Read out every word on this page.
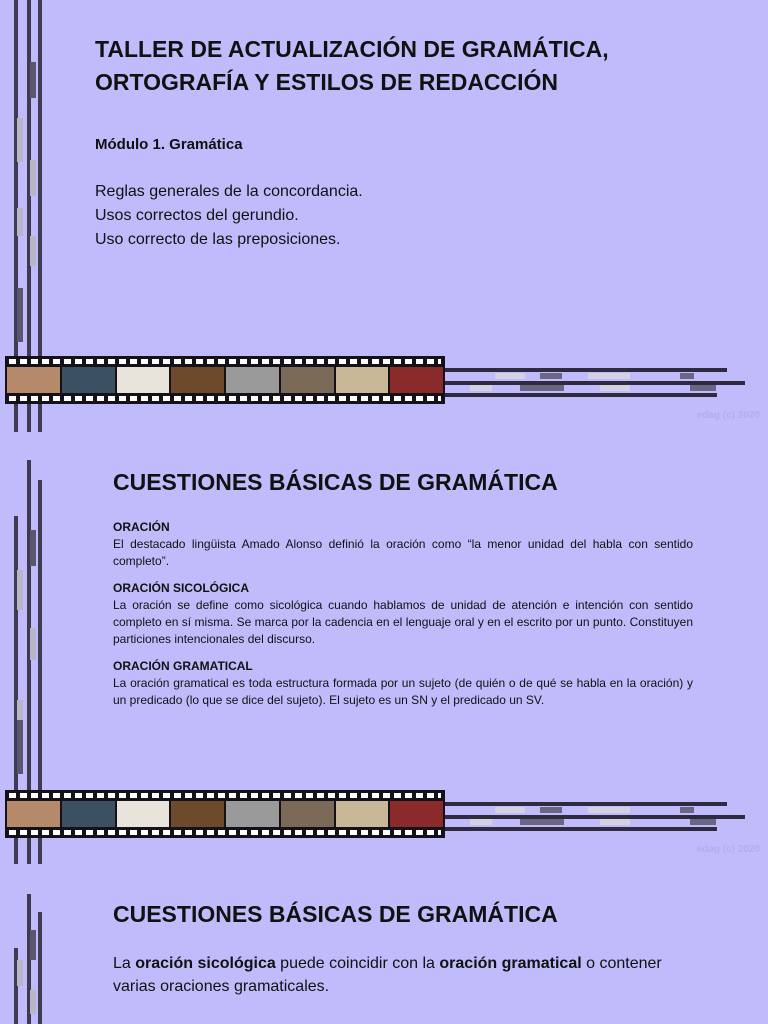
TALLER DE ACTUALIZACIÓN DE GRAMÁTICA,
ORTOGRAFÍA Y ESTILOS DE REDACCIÓN
Módulo 1. Gramática
Reglas generales de la concordancia.
Usos correctos del gerundio.
Uso correcto de las preposiciones.
edag (c) 2020
CUESTIONES BÁSICAS DE GRAMÁTICA
ORACIÓN
El destacado lingüista Amado Alonso definió la oración como “la menor unidad del habla con sentido completo”.
ORACIÓN SICOLÓGICA
La oración se define como sicológica cuando hablamos de unidad de atención e intención con sentido completo en sí misma. Se marca por la cadencia en el lenguaje oral y en el escrito por un punto. Constituyen particiones intencionales del discurso.
ORACIÓN GRAMATICAL
La oración gramatical es toda estructura formada por un sujeto (de quién o de qué se habla en la oración) y un predicado (lo que se dice del sujeto). El sujeto es un SN y el predicado un SV.
edag (c) 2020
CUESTIONES BÁSICAS DE GRAMÁTICA
La oración sicológica puede coincidir con la oración gramatical o contener varias oraciones gramaticales.
